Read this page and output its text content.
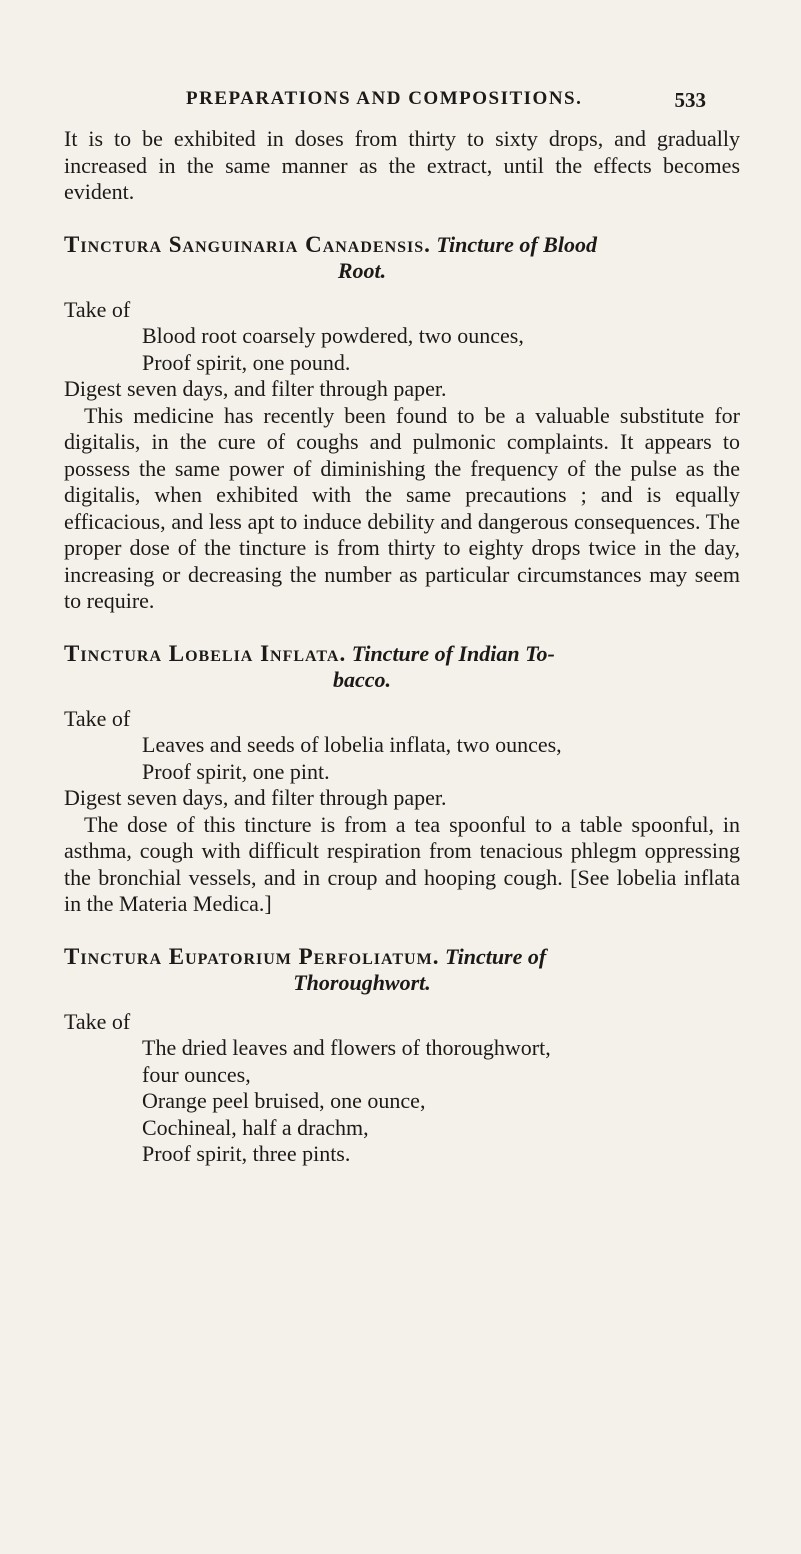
PREPARATIONS AND COMPOSITIONS.	533

It is to be exhibited in doses from thirty to sixty drops, and gradually increased in the same manner as the extract, until the effects becomes evident.

Tinctura Sanguinaria Canadensis. Tincture of Blood
Root.

Take of

Blood root coarsely powdered, two ounces,

Proof spirit, one pound.

Digest seven days, and filter through paper.

This medicine has recently been found to be a valuable substitute for digitalis, in the cure of coughs and pulmonic complaints. It appears to possess the same power of diminishing the frequency of the pulse as the digitalis, when exhibited with the same precautions ; and is equally efficacious, and less apt to induce debility and dangerous consequences. The proper dose of the tincture is from thirty to eighty drops twice in the day, increasing or decreasing the number as particular circumstances may seem to require.

Tinctura Lobelia Inflata. Tincture of Indian To-
bacco.

Take of

Leaves and seeds of lobelia inflata, two ounces,

Proof spirit, one pint.

Digest seven days, and filter through paper.

The dose of this tincture is from a tea spoonful to a table spoonful, in asthma, cough with difficult respiration from tenacious phlegm oppressing the bronchial vessels, and in croup and hooping cough. [See lobelia inflata in the Materia Medica.]

Tinctura Eupatorium Perfoliatum. Tincture of
Thoroughwort.

Take of

The dried leaves and flowers of thoroughwort,

four ounces,

Orange peel bruised, one ounce,

Cochineal, half a drachm,

Proof spirit, three pints.
